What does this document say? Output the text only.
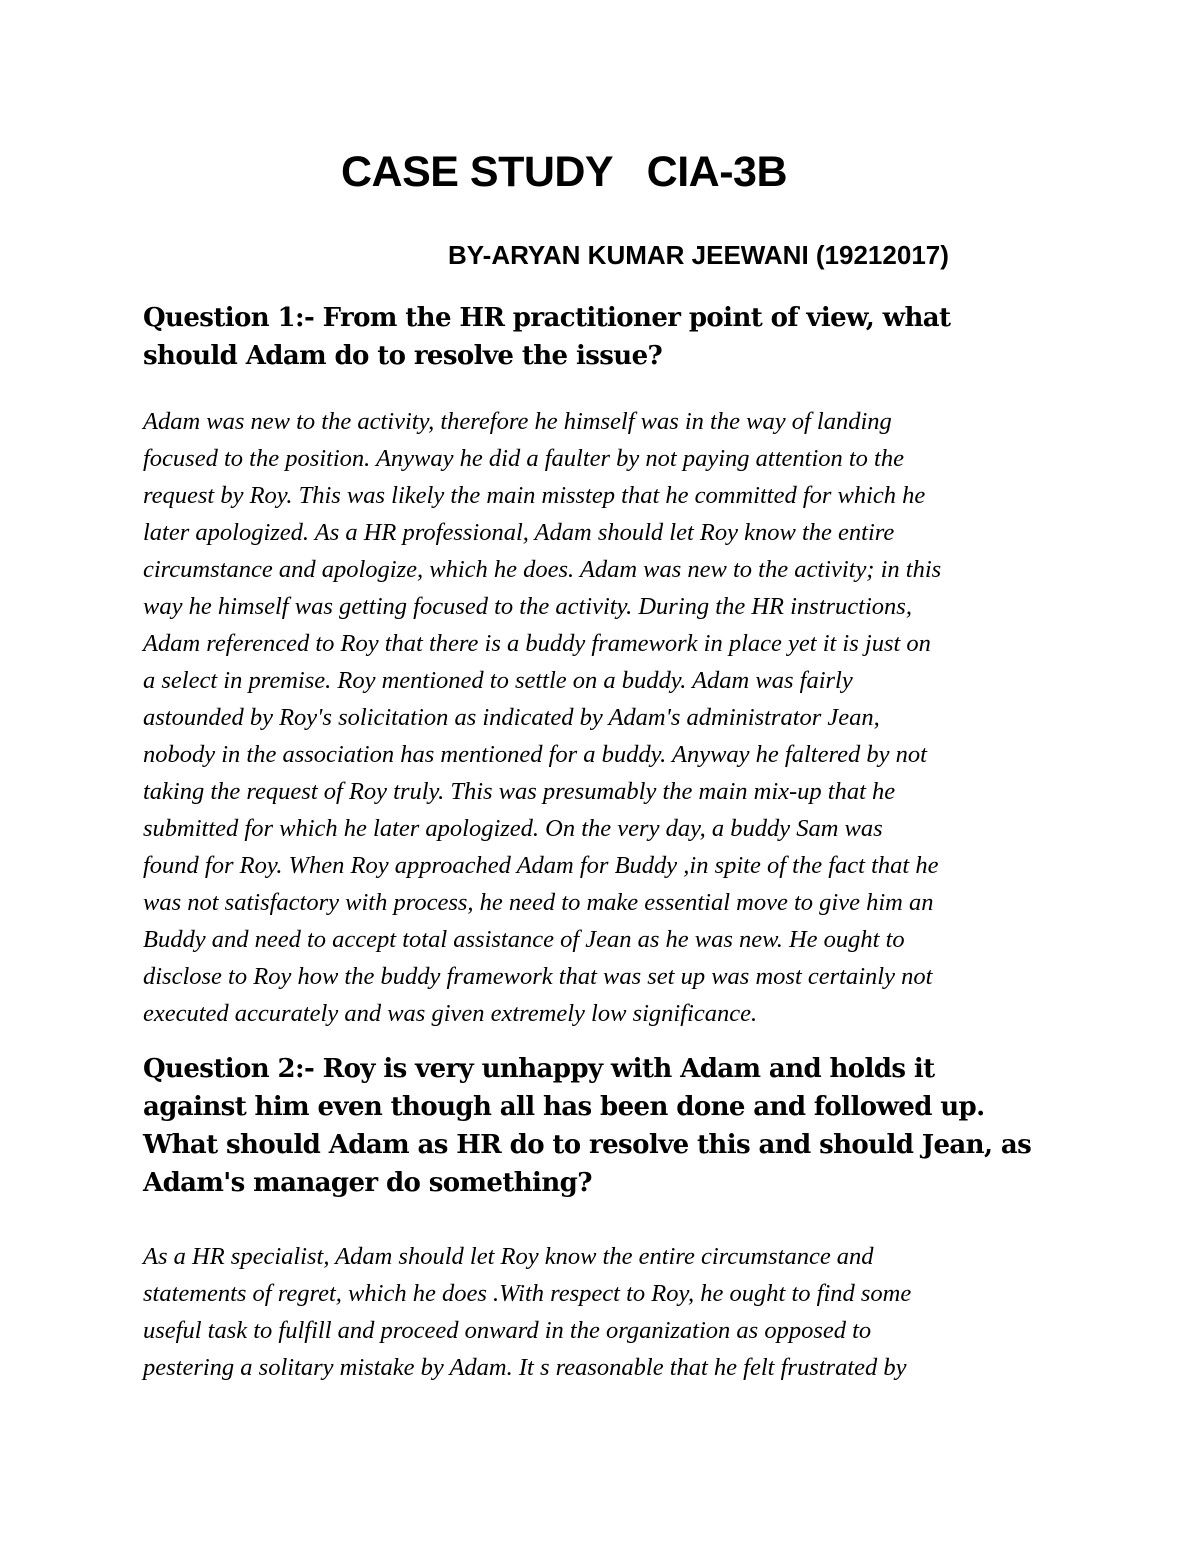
CASE STUDY   CIA-3B

BY-ARYAN KUMAR JEEWANI (19212017)

Question 1:- From the HR practitioner point of view, what
should Adam do to resolve the issue?
Adam was new to the activity, therefore he himself was in the way of landing
focused to the position. Anyway he did a faulter by not paying attention to the
request by Roy. This was likely the main misstep that he committed for which he
later apologized. As a HR professional, Adam should let Roy know the entire
circumstance and apologize, which he does. Adam was new to the activity; in this
way he himself was getting focused to the activity. During the HR instructions,
Adam referenced to Roy that there is a buddy framework in place yet it is just on
a select in premise. Roy mentioned to settle on a buddy. Adam was fairly
astounded by Roy's solicitation as indicated by Adam's administrator Jean,
nobody in the association has mentioned for a buddy. Anyway he faltered by not
taking the request of Roy truly. This was presumably the main mix-up that he
submitted for which he later apologized. On the very day, a buddy Sam was
found for Roy. When Roy approached Adam for Buddy ,in spite of the fact that he
was not satisfactory with process, he need to make essential move to give him an
Buddy and need to accept total assistance of Jean as he was new. He ought to
disclose to Roy how the buddy framework that was set up was most certainly not
executed accurately and was given extremely low significance.
Question 2:- Roy is very unhappy with Adam and holds it
against him even though all has been done and followed up.
What should Adam as HR do to resolve this and should Jean, as
Adam's manager do something?
As a HR specialist, Adam should let Roy know the entire circumstance and
statements of regret, which he does .With respect to Roy, he ought to find some
useful task to fulfill and proceed onward in the organization as opposed to
pestering a solitary mistake by Adam. It s reasonable that he felt frustrated by
